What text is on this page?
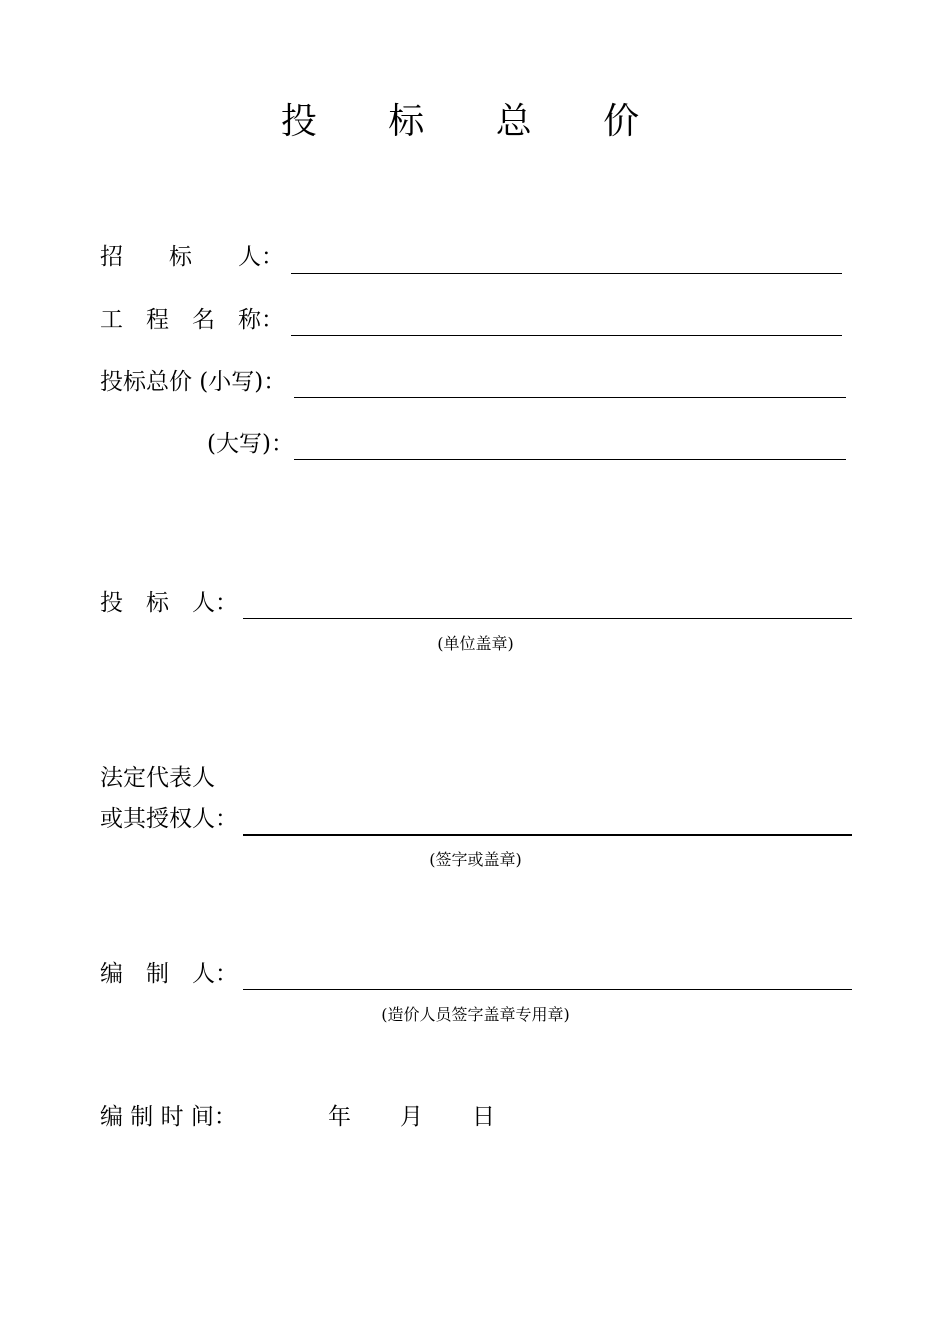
投 标 总 价
招　　标　　人：
工　程　名　称：
投标总价 (小写)：
(大写)：
投　标　人：
(单位盖章)
法定代表人
或其授权人：
(签字或盖章)
编　制　人：
(造价人员签字盖章专用章)
编 制 时 间：	年 月 日
